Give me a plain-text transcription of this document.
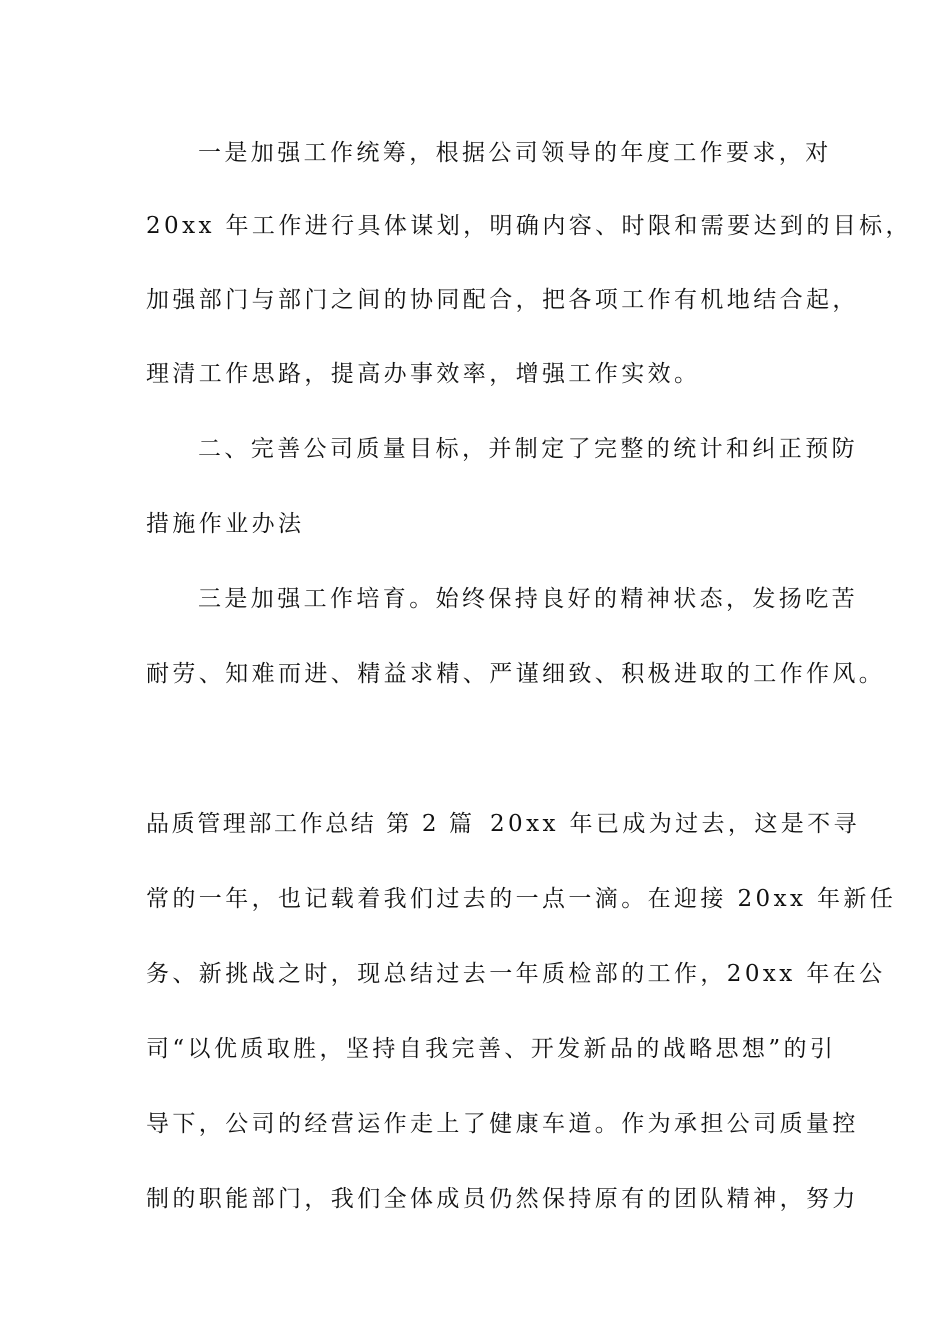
一是加强工作统筹，根据公司领导的年度工作要求，对
20xx 年工作进行具体谋划，明确内容、时限和需要达到的目标，
加强部门与部门之间的协同配合，把各项工作有机地结合起，
理清工作思路，提高办事效率，增强工作实效。
二、完善公司质量目标，并制定了完整的统计和纠正预防
措施作业办法
三是加强工作培育。始终保持良好的精神状态，发扬吃苦
耐劳、知难而进、精益求精、严谨细致、积极进取的工作作风。
品质管理部工作总结 第 2 篇 20xx 年已成为过去，这是不寻
常的一年，也记载着我们过去的一点一滴。在迎接 20xx 年新任
务、新挑战之时，现总结过去一年质检部的工作，20xx 年在公
司“以优质取胜，坚持自我完善、开发新品的战略思想”的引
导下，公司的经营运作走上了健康车道。作为承担公司质量控
制的职能部门，我们全体成员仍然保持原有的团队精神，努力
